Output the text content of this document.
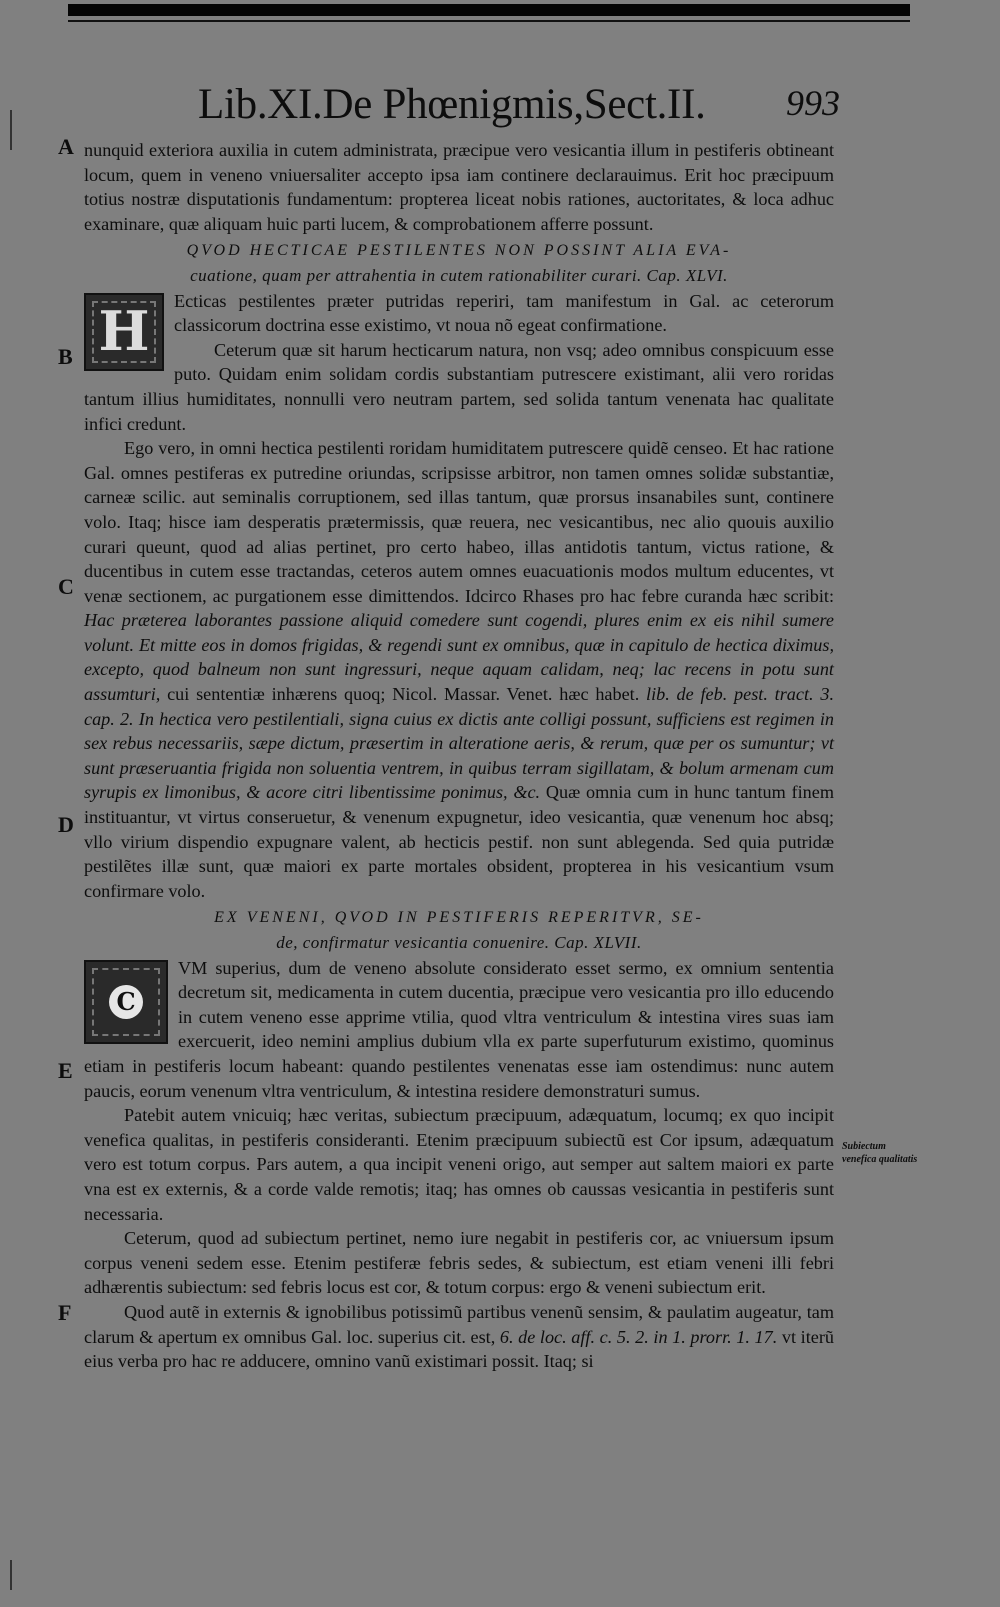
Lib.XI.De Phœnigmis,Sect.II. 993
A
B
C
D
E
F
Subiectum venefica qualitatis

nunquid exteriora auxilia in cutem administrata, præcipue vero vesicantia illum in pestiferis obtineant locum, quem in veneno vniuersaliter accepto ipsa iam continere declarauimus. Erit hoc præcipuum totius nostræ disputationis fundamentum: propterea liceat nobis rationes, auctoritates, & loca adhuc examinare, quæ aliquam huic parti lucem, & comprobationem afferre possunt.

QVOD HECTICAE PESTILENTES NON POSSINT ALIA EVA-
cuatione, quam per attrahentia in cutem rationabiliter curari. Cap. XLVI.

H	Ecticas pestilentes præter putridas reperiri, tam manifestum in Gal. ac ceterorum classicorum doctrina esse existimo, vt noua nõ egeat confirmatione.

Ceterum quæ sit harum hecticarum natura, non vsq; adeo omnibus conspicuum esse puto. Quidam enim solidam cordis substantiam putrescere existimant, alii vero roridas tantum illius humiditates, nonnulli vero neutram partem, sed solida tantum venenata hac qualitate infici credunt.

Ego vero, in omni hectica pestilenti roridam humiditatem putrescere quidẽ censeo. Et hac ratione Gal. omnes pestiferas ex putredine oriundas, scripsisse arbitror, non tamen omnes solidæ substantiæ, carneæ scilic. aut seminalis corruptionem, sed illas tantum, quæ prorsus insanabiles sunt, continere volo. Itaq; hisce iam desperatis prætermissis, quæ reuera, nec vesicantibus, nec alio quouis auxilio curari queunt, quod ad alias pertinet, pro certo habeo, illas antidotis tantum, victus ratione, & ducentibus in cutem esse tractandas, ceteros autem omnes euacuationis modos multum educentes, vt venæ sectionem, ac purgationem esse dimittendos. Idcirco Rhases pro hac febre curanda hæc scribit: Hac præterea laborantes passione aliquid comedere sunt cogendi, plures enim ex eis nihil sumere volunt. Et mitte eos in domos frigidas, & regendi sunt ex omnibus, quæ in capitulo de hectica diximus, excepto, quod balneum non sunt ingressuri, neque aquam calidam, neq; lac recens in potu sunt assumturi, cui sententiæ inhærens quoq; Nicol. Massar. Venet. hæc habet. lib. de feb. pest. tract. 3. cap. 2. In hectica vero pestilentiali, signa cuius ex dictis ante colligi possunt, sufficiens est regimen in sex rebus necessariis, sæpe dictum, præsertim in alteratione aeris, & rerum, quæ per os sumuntur; vt sunt præseruantia frigida non soluentia ventrem, in quibus terram sigillatam, & bolum armenam cum syrupis ex limonibus, & acore citri libentissime ponimus, &c. Quæ omnia cum in hunc tantum finem instituantur, vt virtus conseruetur, & venenum expugnetur, ideo vesicantia, quæ venenum hoc absq; vllo virium dispendio expugnare valent, ab hecticis pestif. non sunt ablegenda. Sed quia putridæ pestilẽtes illæ sunt, quæ maiori ex parte mortales obsident, propterea in his vesicantium vsum confirmare volo.

EX VENENI, QVOD IN PESTIFERIS REPERITVR, SE-
de, confirmatur vesicantia conuenire. Cap. XLVII.

C

VM superius, dum de veneno absolute considerato esset sermo, ex omnium sententia decretum sit, medicamenta in cutem ducentia, præcipue vero vesicantia pro illo educendo in cutem veneno esse apprime vtilia, quod vltra ventriculum & intestina vires suas iam exercuerit, ideo nemini amplius dubium vlla ex parte superfuturum existimo, quominus etiam in pestiferis locum habeant: quando pestilentes venenatas esse iam ostendimus: nunc autem paucis, eorum venenum vltra ventriculum, & intestina residere demonstraturi sumus.

Patebit autem vnicuiq; hæc veritas, subiectum præcipuum, adæquatum, locumq; ex quo incipit venefica qualitas, in pestiferis consideranti. Etenim præcipuum subiectũ est Cor ipsum, adæquatum vero est totum corpus. Pars autem, a qua incipit veneni origo, aut semper aut saltem maiori ex parte vna est ex externis, & a corde valde remotis; itaq; has omnes ob caussas vesicantia in pestiferis sunt necessaria.

Ceterum, quod ad subiectum pertinet, nemo iure negabit in pestiferis cor, ac vniuersum ipsum corpus veneni sedem esse. Etenim pestiferæ febris sedes, & subiectum, est etiam veneni illi febri adhærentis subiectum: sed febris locus est cor, & totum corpus: ergo & veneni subiectum erit.

Quod autẽ in externis & ignobilibus potissimũ partibus venenũ sensim, & paulatim augeatur, tam clarum & apertum ex omnibus Gal. loc. superius cit. est, 6. de loc. aff. c. 5. 2. in 1. prorr. 1. 17. vt iterũ eius verba pro hac re adducere, omnino vanũ existimari possit. Itaq; si
